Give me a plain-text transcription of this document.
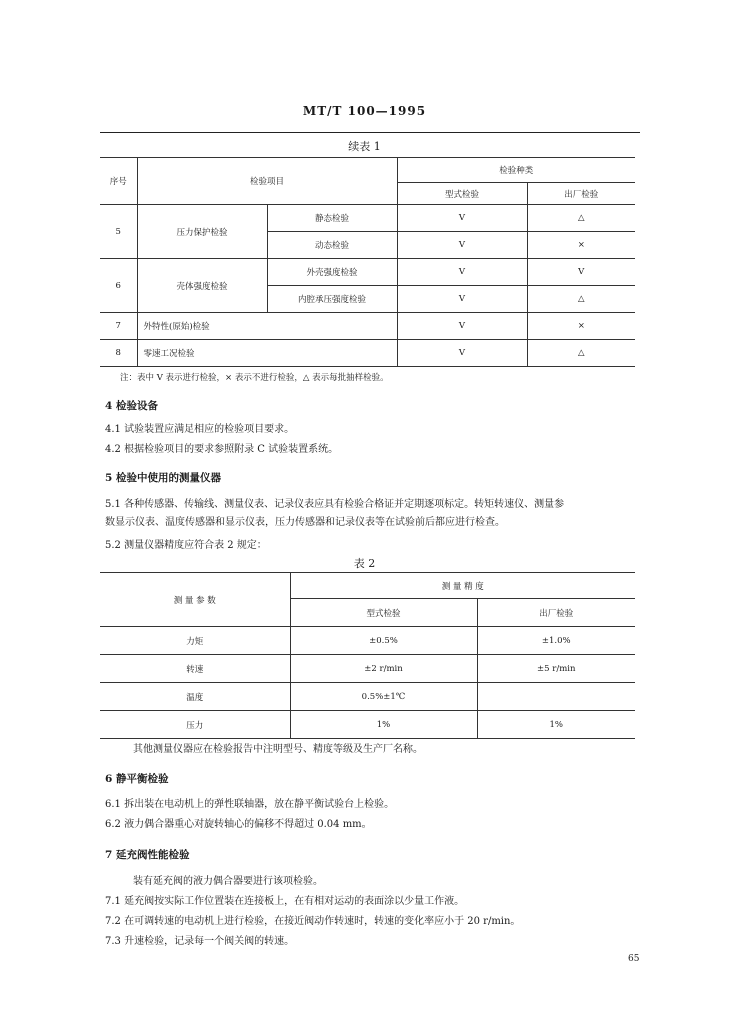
MT/T 100—1995
续表 1
序号	检验项目		检验种类	
			型式检验	出厂检验
5	压力保护检验	静态检验	V	△
		动态检验	V	×
6	壳体强度检验	外壳强度检验	V	V
		内腔承压强度检验	V	△
7	外特性(原始)检验		V	×
8	零速工况检验		V	△
注：表中 V 表示进行检验，× 表示不进行检验，△ 表示每批抽样检验。
4 检验设备
4.1 试验装置应满足相应的检验项目要求。
4.2 根据检验项目的要求参照附录 C 试验装置系统。
5 检验中使用的测量仪器
5.1 各种传感器、传输线、测量仪表、记录仪表应具有检验合格证并定期逐项标定。转矩转速仪、测量参
数显示仪表、温度传感器和显示仪表，压力传感器和记录仪表等在试验前后都应进行检查。
5.2 测量仪器精度应符合表 2 规定：
表 2
测 量 参 数	测 量 精 度	
	型式检验	出厂检验
力矩	±0.5%	±1.0%
转速	±2 r/min	±5 r/min
温度	0.5%±1℃	
压力	1%	1%
其他测量仪器应在检验报告中注明型号、精度等级及生产厂名称。
6 静平衡检验
6.1 拆出装在电动机上的弹性联轴器，放在静平衡试验台上检验。
6.2 液力偶合器重心对旋转轴心的偏移不得超过 0.04 mm。
7 延充阀性能检验
装有延充阀的液力偶合器要进行该项检验。
7.1 延充阀按实际工作位置装在连接板上，在有相对运动的表面涂以少量工作液。
7.2 在可调转速的电动机上进行检验，在接近阀动作转速时，转速的变化率应小于 20 r/min。
7.3 升速检验，记录每一个阀关阀的转速。
65
